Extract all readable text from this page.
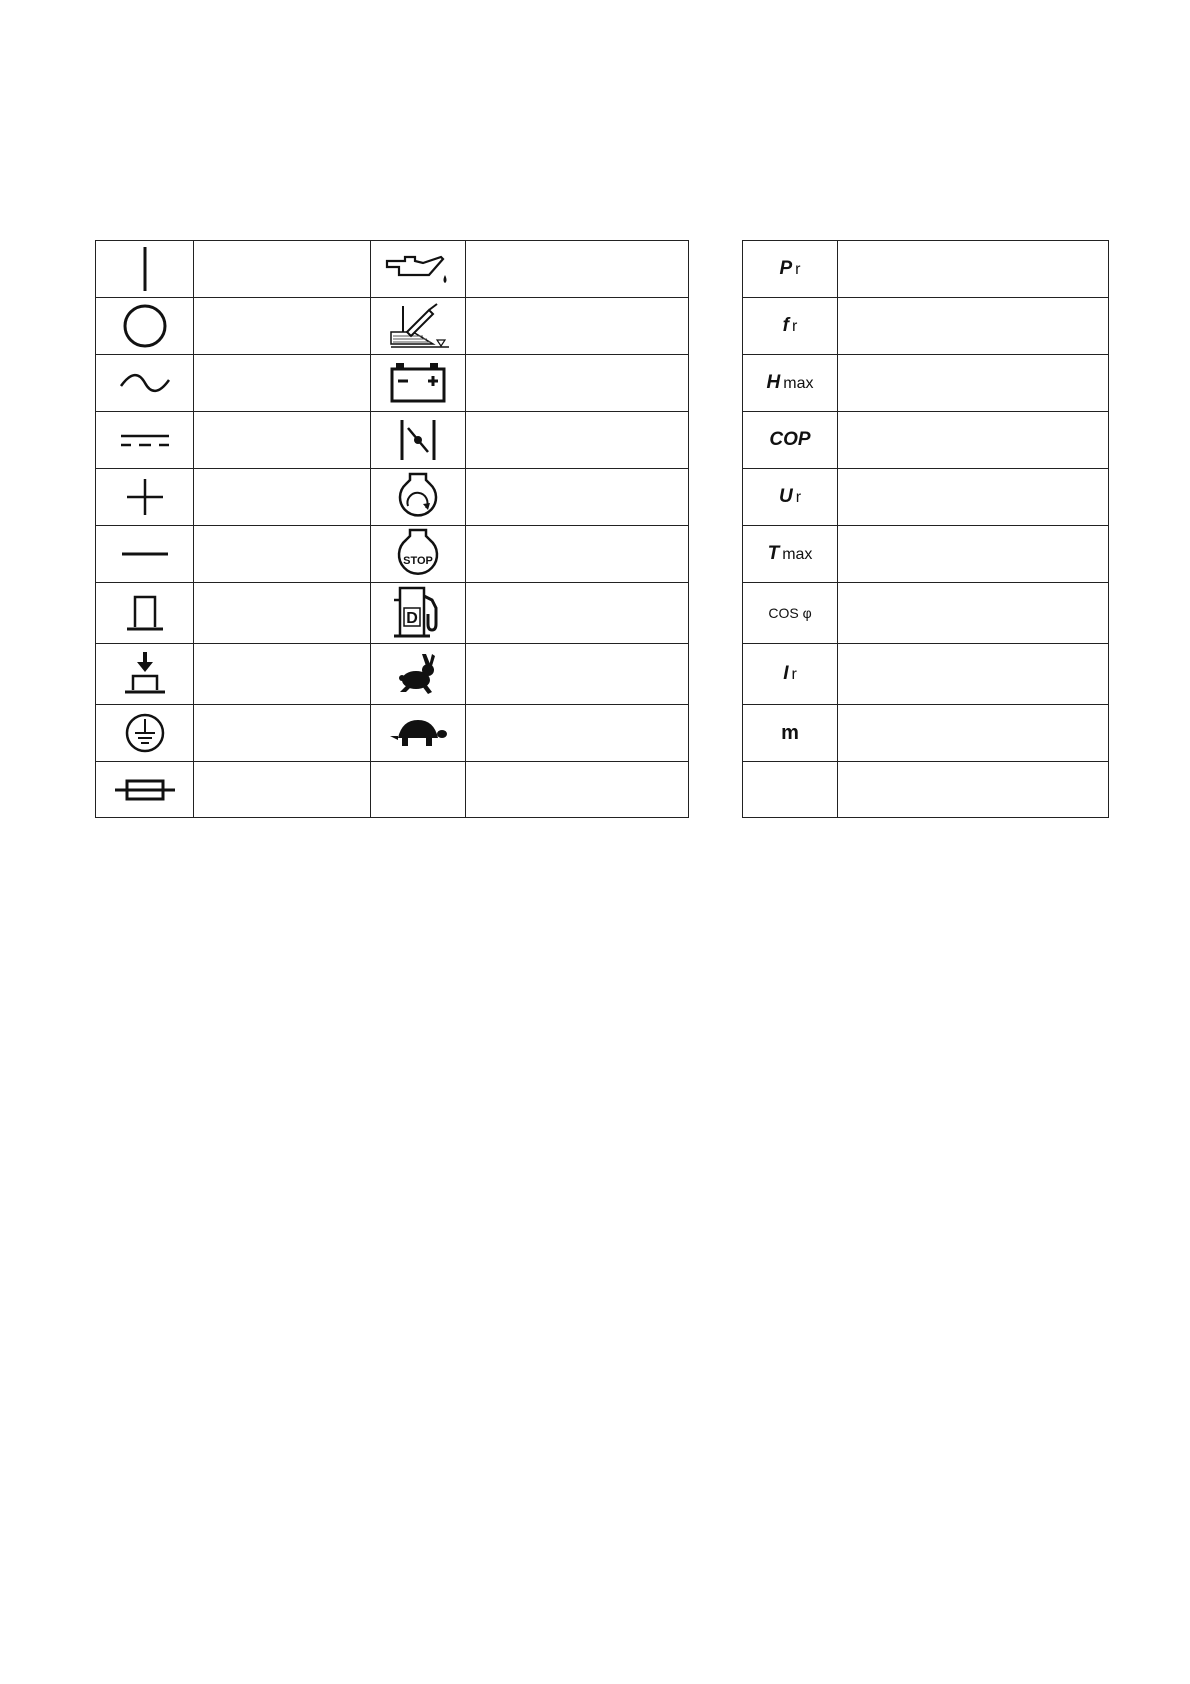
STOP	

D	

P r	
f r	
H max	
COP	
U r	
T max	
COS φ	
I r	
m	
